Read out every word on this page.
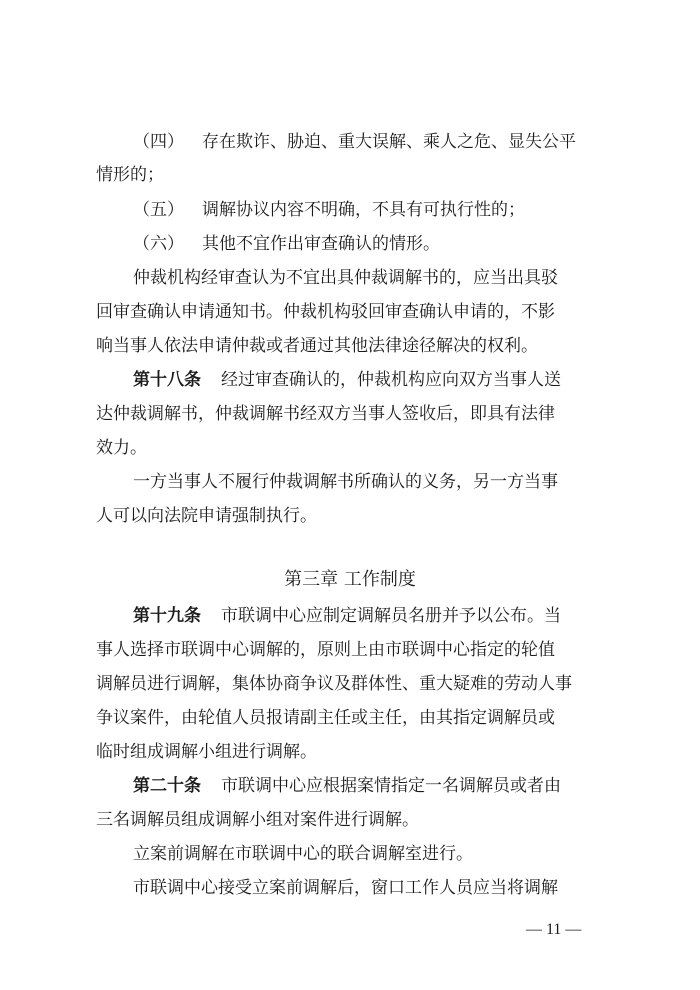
（四） 存在欺诈、胁迫、重大误解、乘人之危、显失公平
情形的；
（五） 调解协议内容不明确，不具有可执行性的；
（六） 其他不宜作出审查确认的情形。
仲裁机构经审查认为不宜出具仲裁调解书的，应当出具驳
回审查确认申请通知书。仲裁机构驳回审查确认申请的，不影
响当事人依法申请仲裁或者通过其他法律途径解决的权利。
第十八条 经过审查确认的，仲裁机构应向双方当事人送
达仲裁调解书，仲裁调解书经双方当事人签收后，即具有法律
效力。
一方当事人不履行仲裁调解书所确认的义务，另一方当事
人可以向法院申请强制执行。
第三章 工作制度
第十九条 市联调中心应制定调解员名册并予以公布。当
事人选择市联调中心调解的，原则上由市联调中心指定的轮值
调解员进行调解，集体协商争议及群体性、重大疑难的劳动人事
争议案件，由轮值人员报请副主任或主任，由其指定调解员或
临时组成调解小组进行调解。
第二十条 市联调中心应根据案情指定一名调解员或者由
三名调解员组成调解小组对案件进行调解。
立案前调解在市联调中心的联合调解室进行。
市联调中心接受立案前调解后，窗口工作人员应当将调解
— 11 —
